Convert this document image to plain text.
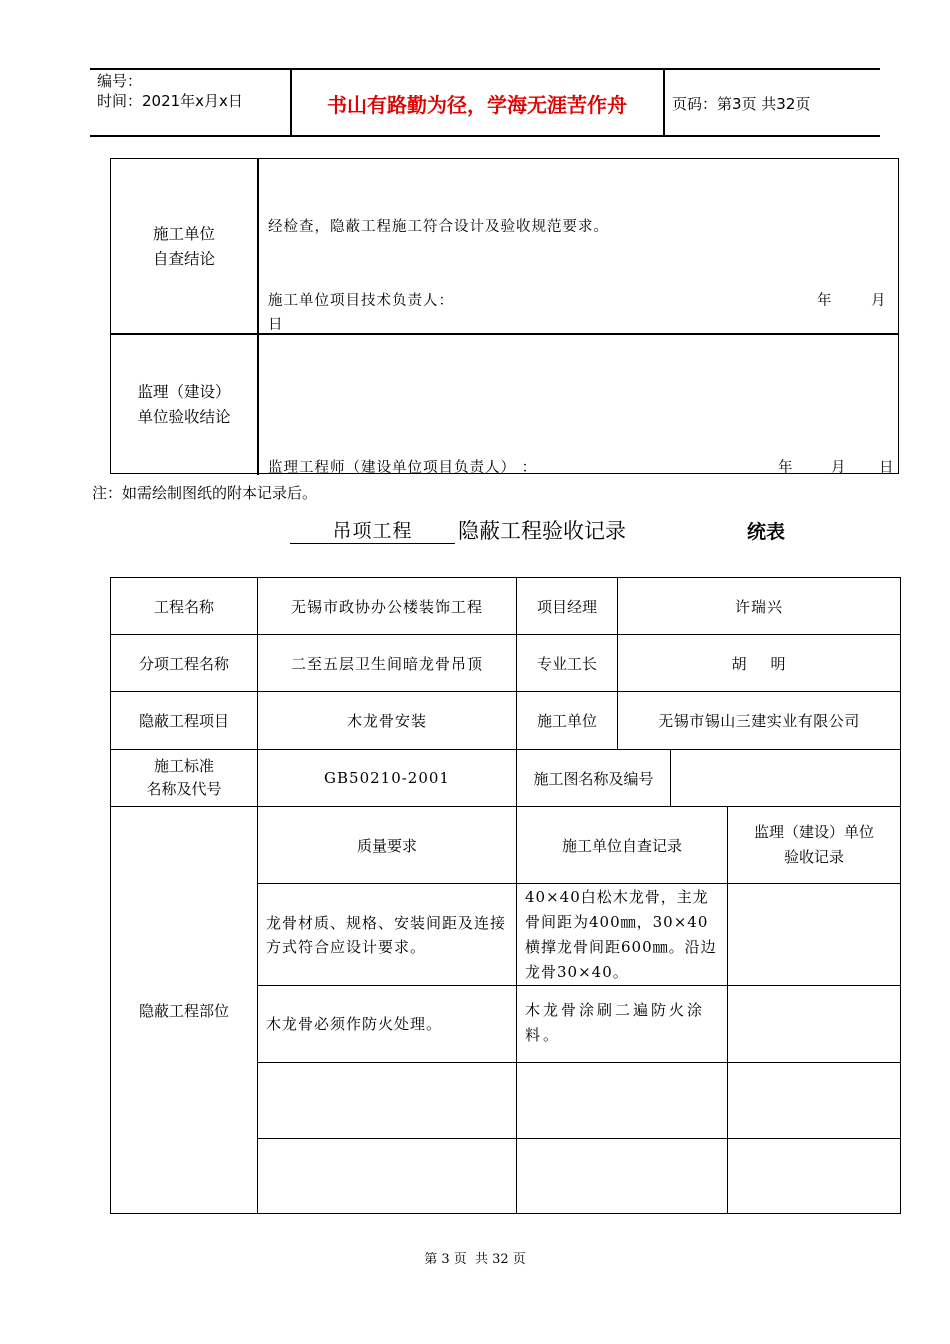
编号：
时间：2021年x月x日	书山有路勤为径，学海无涯苦作舟	页码：第3页 共32页
施工单位
自查结论
经检查，隐蔽工程施工符合设计及验收规范要求。
施工单位项目技术负责人：	年	月
日
监理（建设）
单位验收结论
监理工程师（建设单位项目负责人） ：	年	月 日
注：如需绘制图纸的附本记录后。
吊项工程	隐蔽工程验收记录	统表
工程名称	无锡市政协办公楼装饰工程	项目经理	许瑞兴		
分项工程名称	二至五层卫生间暗龙骨吊顶	专业工长	胡    明		
隐蔽工程项目	木龙骨安装	施工单位	无锡市锡山三建实业有限公司		

施工标准
名称及代号	GB50210-2001	施工图名称及编号			
隐蔽工程部位	质量要求	施工单位自查记录			监理（建设）单位
验收记录

	龙骨材质、规格、安装间距及连接方式符合应设计要求。	40×40白松木龙骨，主龙骨间距为400㎜，30×40横撑龙骨间距600㎜。沿边龙骨30×40。			
	木龙骨必须作防火处理。	木龙骨涂刷二遍防火涂料。			

第 3 页  共 32 页
